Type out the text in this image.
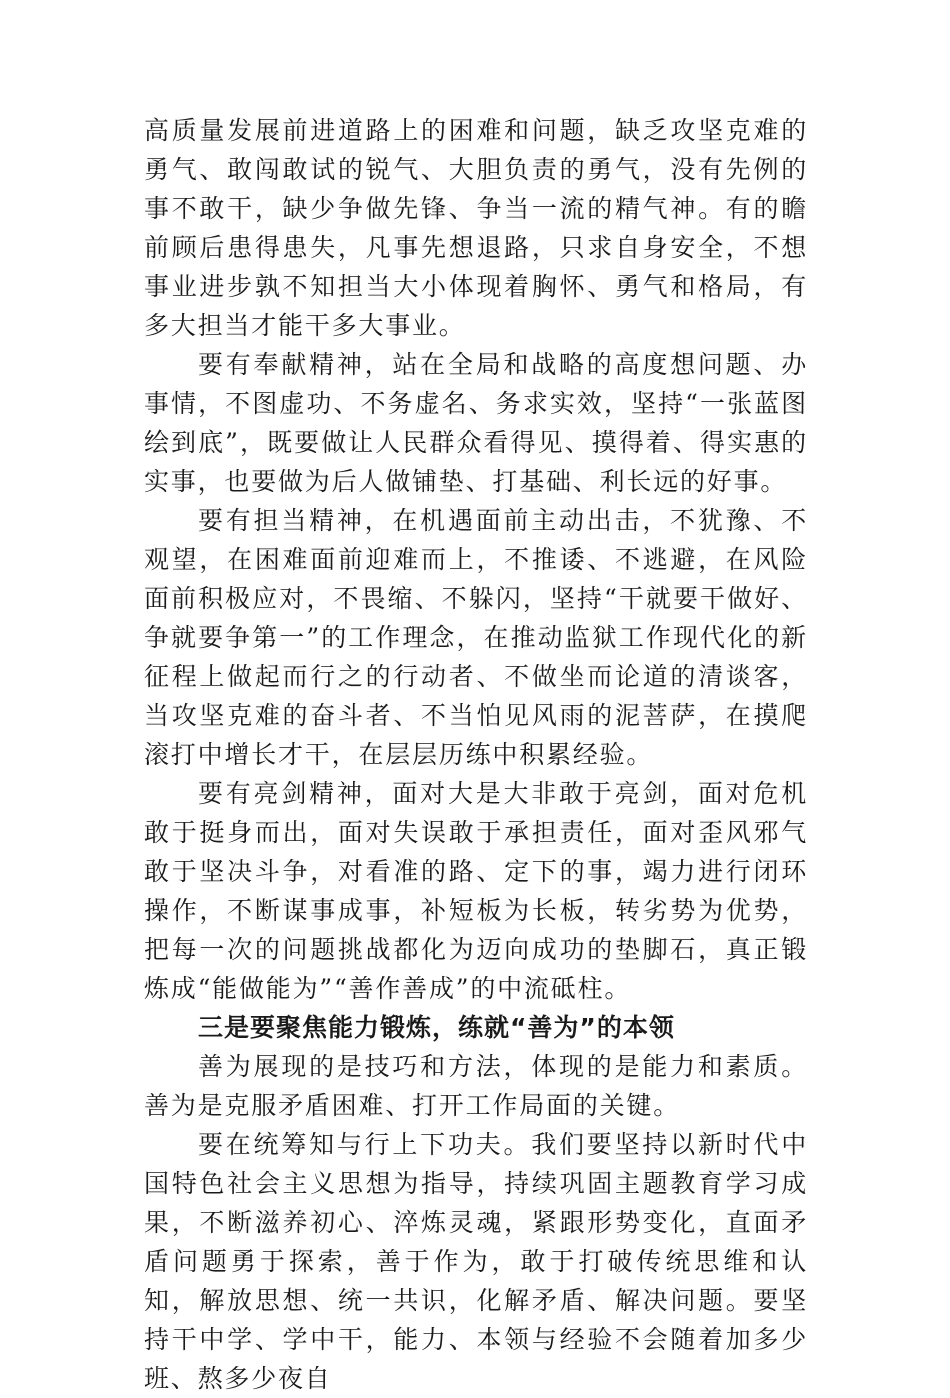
高质量发展前进道路上的困难和问题，缺乏攻坚克难的勇气、敢闯敢试的锐气、大胆负责的勇气，没有先例的事不敢干，缺少争做先锋、争当一流的精气神。有的瞻前顾后患得患失，凡事先想退路，只求自身安全，不想事业进步孰不知担当大小体现着胸怀、勇气和格局，有多大担当才能干多大事业。

要有奉献精神，站在全局和战略的高度想问题、办事情，不图虚功、不务虚名、务求实效，坚持“一张蓝图绘到底”，既要做让人民群众看得见、摸得着、得实惠的实事，也要做为后人做铺垫、打基础、利长远的好事。

要有担当精神，在机遇面前主动出击，不犹豫、不观望，在困难面前迎难而上，不推诿、不逃避，在风险面前积极应对，不畏缩、不躲闪，坚持“干就要干做好、争就要争第一”的工作理念，在推动监狱工作现代化的新征程上做起而行之的行动者、不做坐而论道的清谈客，当攻坚克难的奋斗者、不当怕见风雨的泥菩萨，在摸爬滚打中增长才干，在层层历练中积累经验。

要有亮剑精神，面对大是大非敢于亮剑，面对危机敢于挺身而出，面对失误敢于承担责任，面对歪风邪气敢于坚决斗争，对看准的路、定下的事，竭力进行闭环操作，不断谋事成事，补短板为长板，转劣势为优势，把每一次的问题挑战都化为迈向成功的垫脚石，真正锻炼成“能做能为”“善作善成”的中流砥柱。

三是要聚焦能力锻炼，练就“善为”的本领

善为展现的是技巧和方法，体现的是能力和素质。善为是克服矛盾困难、打开工作局面的关键。

要在统筹知与行上下功夫。我们要坚持以新时代中国特色社会主义思想为指导，持续巩固主题教育学习成果，不断滋养初心、淬炼灵魂，紧跟形势变化，直面矛盾问题勇于探索，善于作为，敢于打破传统思维和认知，解放思想、统一共识，化解矛盾、解决问题。要坚持干中学、学中干，能力、本领与经验不会随着加多少班、熬多少夜自
